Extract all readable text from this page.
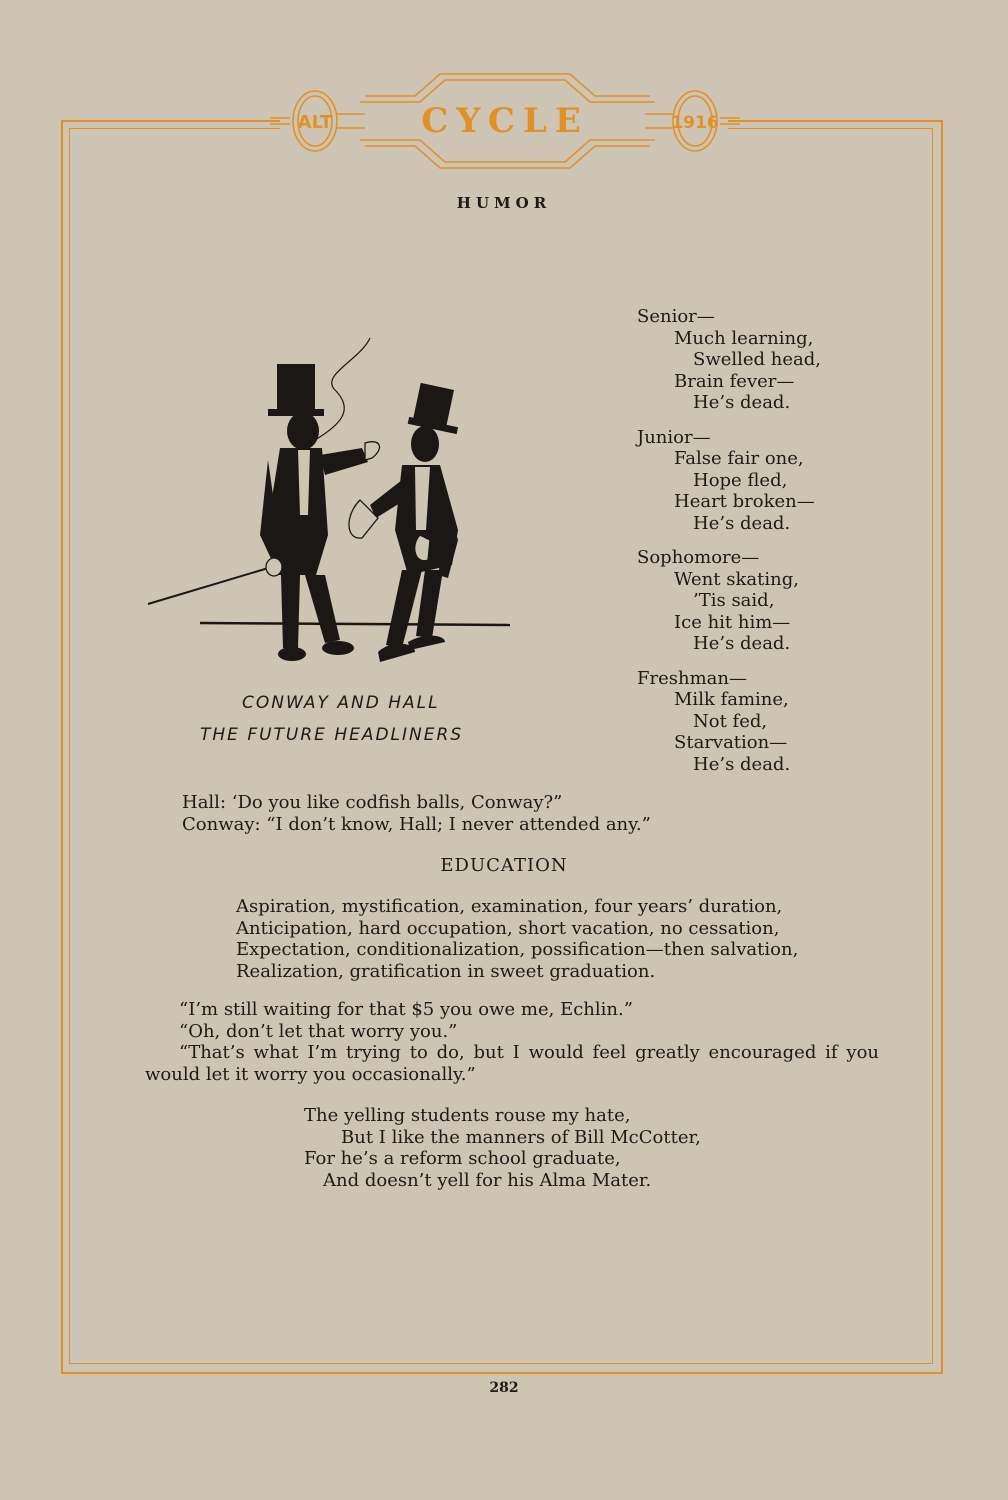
ALT	1916
CYCLE
HUMOR
Senior—
Much learning,
Swelled head,
Brain fever—
He’s dead.
Junior—
False fair one,
Hope fled,
Heart broken—
He’s dead.
Sophomore—
Went skating,
’Tis said,
Ice hit him—
He’s dead.
Freshman—
Milk famine,
Not fed,
Starvation—
He’s dead.
CONWAY AND HALL
THE FUTURE HEADLINERS
Hall: ‘Do you like codfish balls, Conway?”
Conway: “I don’t know, Hall; I never attended any.”
EDUCATION
Aspiration, mystification, examination, four years’ duration,
Anticipation, hard occupation, short vacation, no cessation,
Expectation, conditionalization, possification—then salvation,
Realization, gratification in sweet graduation.

“I’m still waiting for that $5 you owe me, Echlin.”

“Oh, don’t let that worry you.”

“That’s what I’m trying to do, but I would feel greatly encouraged if you would let it worry you occasionally.”

The yelling students rouse my hate,
But I like the manners of Bill McCotter,
For he’s a reform school graduate,
And doesn’t yell for his Alma Mater.
282
